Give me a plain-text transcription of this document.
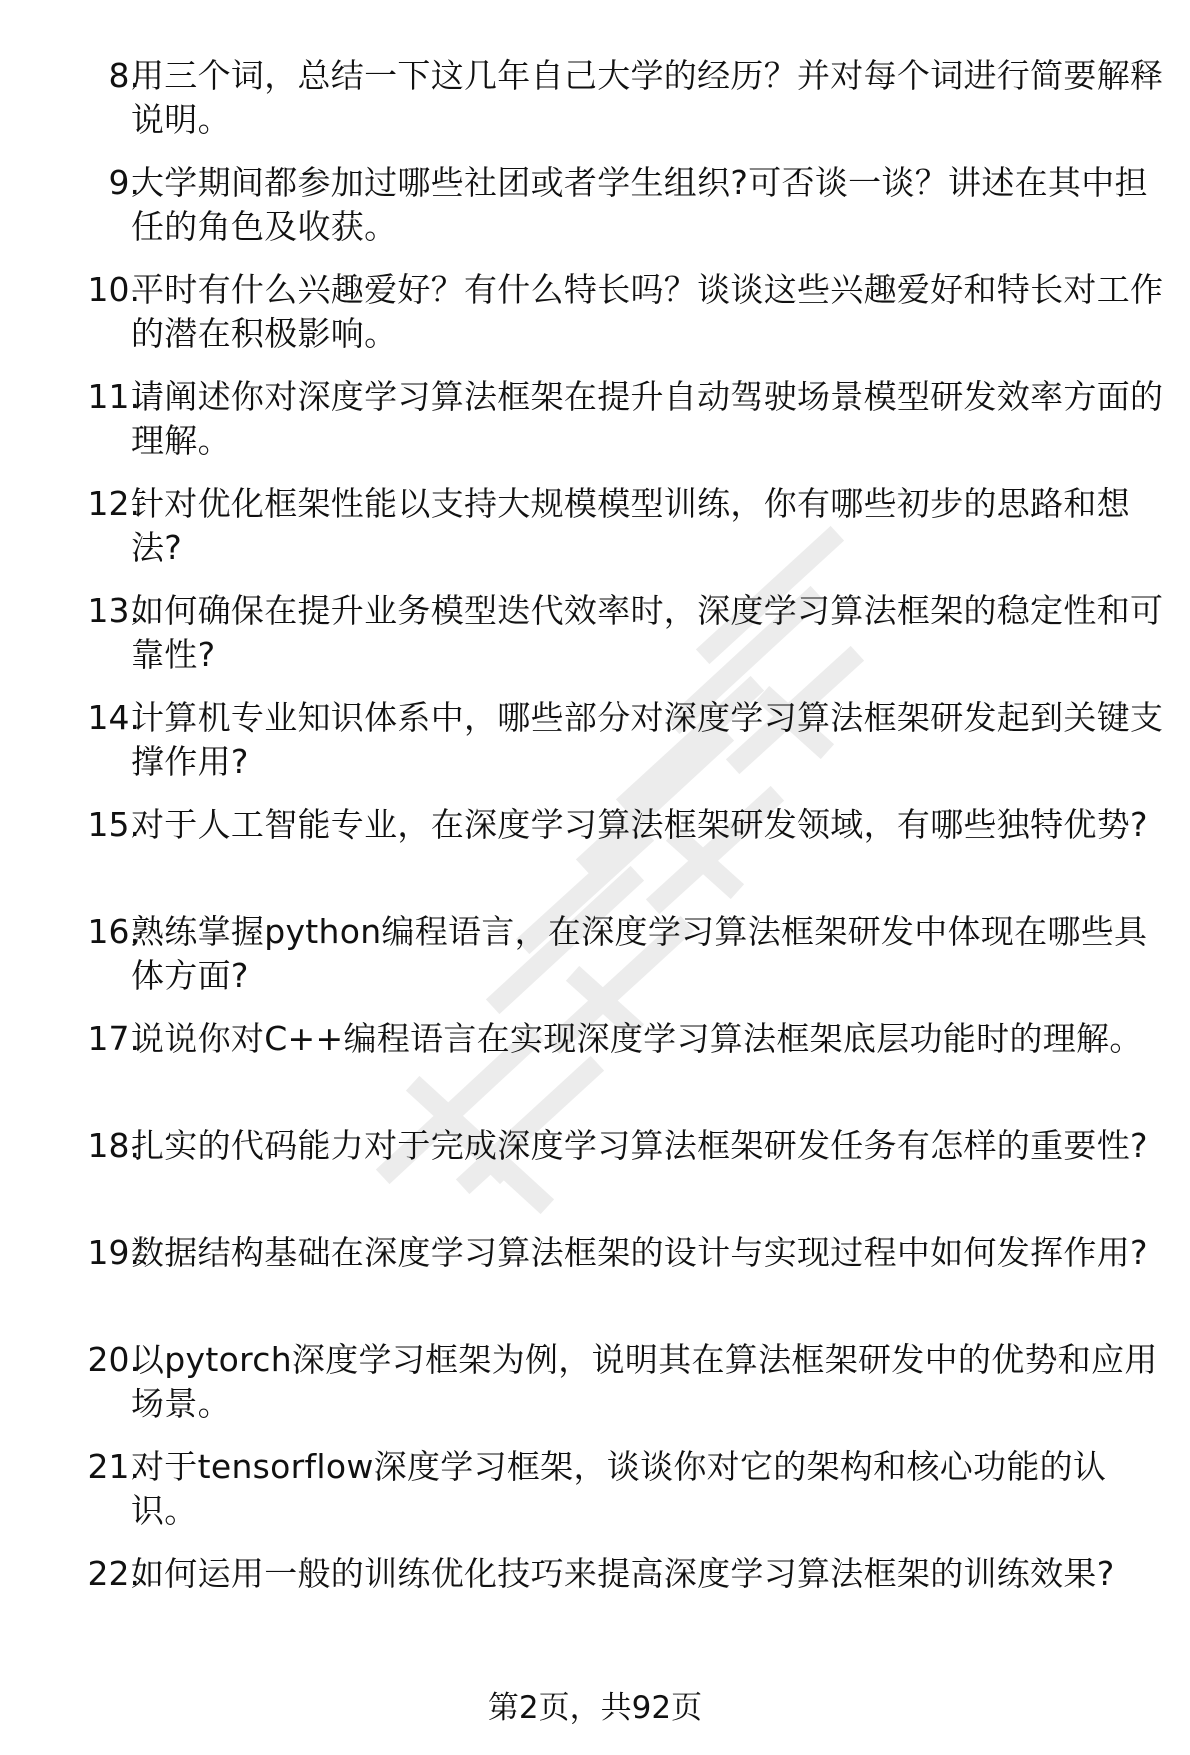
8.
用三个词，总结一下这几年自己大学的经历？并对每个词进行简要解释说明。
9.
大学期间都参加过哪些社团或者学生组织?可否谈一谈？讲述在其中担任的角色及收获。
10.
平时有什么兴趣爱好？有什么特长吗？谈谈这些兴趣爱好和特长对工作的潜在积极影响。
11.
请阐述你对深度学习算法框架在提升自动驾驶场景模型研发效率方面的理解。
12.
针对优化框架性能以支持大规模模型训练，你有哪些初步的思路和想法?
13.
如何确保在提升业务模型迭代效率时，深度学习算法框架的稳定性和可靠性?
14.
计算机专业知识体系中，哪些部分对深度学习算法框架研发起到关键支撑作用?
15.
对于人工智能专业，在深度学习算法框架研发领域，有哪些独特优势?
16.
熟练掌握python编程语言，在深度学习算法框架研发中体现在哪些具体方面?
17.
说说你对C++编程语言在实现深度学习算法框架底层功能时的理解。
18.
扎实的代码能力对于完成深度学习算法框架研发任务有怎样的重要性?
19.
数据结构基础在深度学习算法框架的设计与实现过程中如何发挥作用?
20.
以pytorch深度学习框架为例，说明其在算法框架研发中的优势和应用场景。
21.
对于tensorflow深度学习框架，谈谈你对它的架构和核心功能的认识。
22.
如何运用一般的训练优化技巧来提高深度学习算法框架的训练效果?
第2页，共92页
